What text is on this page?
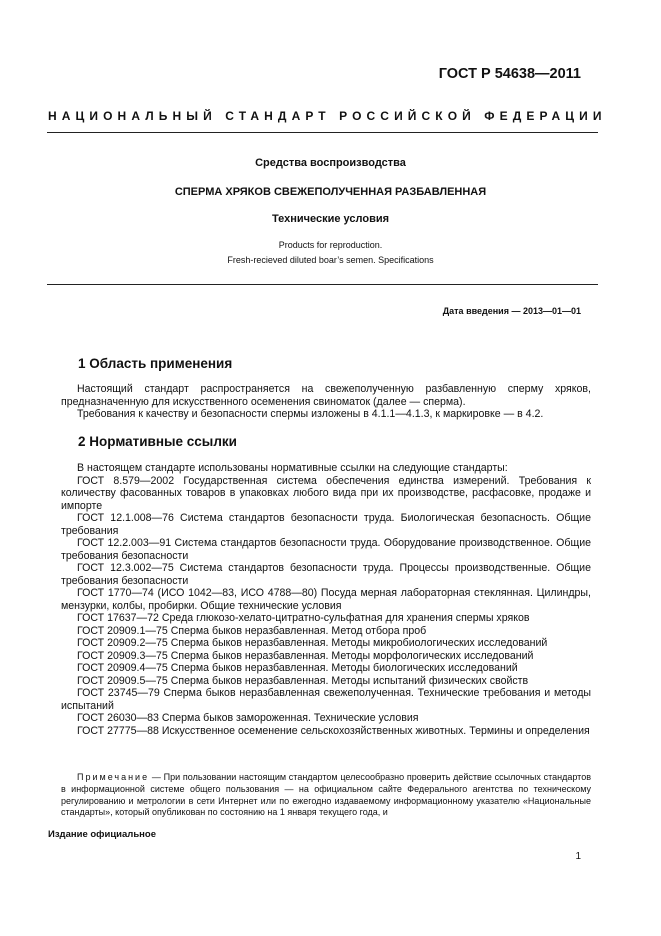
ГОСТ Р 54638—2011
НАЦИОНАЛЬНЫЙ СТАНДАРТ РОССИЙСКОЙ ФЕДЕРАЦИИ
Средства воспроизводства
СПЕРМА ХРЯКОВ СВЕЖЕПОЛУЧЕННАЯ РАЗБАВЛЕННАЯ
Технические условия
Products for reproduction.
Fresh-recieved diluted boar’s semen. Specifications
Дата введения — 2013—01—01
1 Область применения

Настоящий стандарт распространяется на свежеполученную разбавленную сперму хряков, предназначенную для искусственного осеменения свиноматок (далее — сперма).

Требования к качеству и безопасности спермы изложены в 4.1.1—4.1.3, к маркировке — в 4.2.

2 Нормативные ссылки

В настоящем стандарте использованы нормативные ссылки на следующие стандарты:

ГОСТ 8.579—2002 Государственная система обеспечения единства измерений. Требования к количеству фасованных товаров в упаковках любого вида при их производстве, расфасовке, продаже и импорте

ГОСТ 12.1.008—76 Система стандартов безопасности труда. Биологическая безопасность. Общие требования

ГОСТ 12.2.003—91 Система стандартов безопасности труда. Оборудование производственное. Общие требования безопасности

ГОСТ 12.3.002—75 Система стандартов безопасности труда. Процессы производственные. Общие требования безопасности

ГОСТ 1770—74 (ИСО 1042—83, ИСО 4788—80) Посуда мерная лабораторная стеклянная. Цилиндры, мензурки, колбы, пробирки. Общие технические условия

ГОСТ 17637—72 Среда глюкозо-хелато-цитратно-сульфатная для хранения спермы хряков

ГОСТ 20909.1—75 Сперма быков неразбавленная. Метод отбора проб

ГОСТ 20909.2—75 Сперма быков неразбавленная. Методы микробиологических исследований

ГОСТ 20909.3—75 Сперма быков неразбавленная. Методы морфологических исследований

ГОСТ 20909.4—75 Сперма быков неразбавленная. Методы биологических исследований

ГОСТ 20909.5—75 Сперма быков неразбавленная. Методы испытаний физических свойств

ГОСТ 23745—79 Сперма быков неразбавленная свежеполученная. Технические требования и методы испытаний

ГОСТ 26030—83 Сперма быков замороженная. Технические условия

ГОСТ 27775—88 Искусственное осеменение сельскохозяйственных животных. Термины и определения

Примечание — При пользовании настоящим стандартом целесообразно проверить действие ссылочных стандартов в информационной системе общего пользования — на официальном сайте Федерального агентства по техническому регулированию и метрологии в сети Интернет или по ежегодно издаваемому информационному указателю «Национальные стандарты», который опубликован по состоянию на 1 января текущего года, и
Издание официальное
1
